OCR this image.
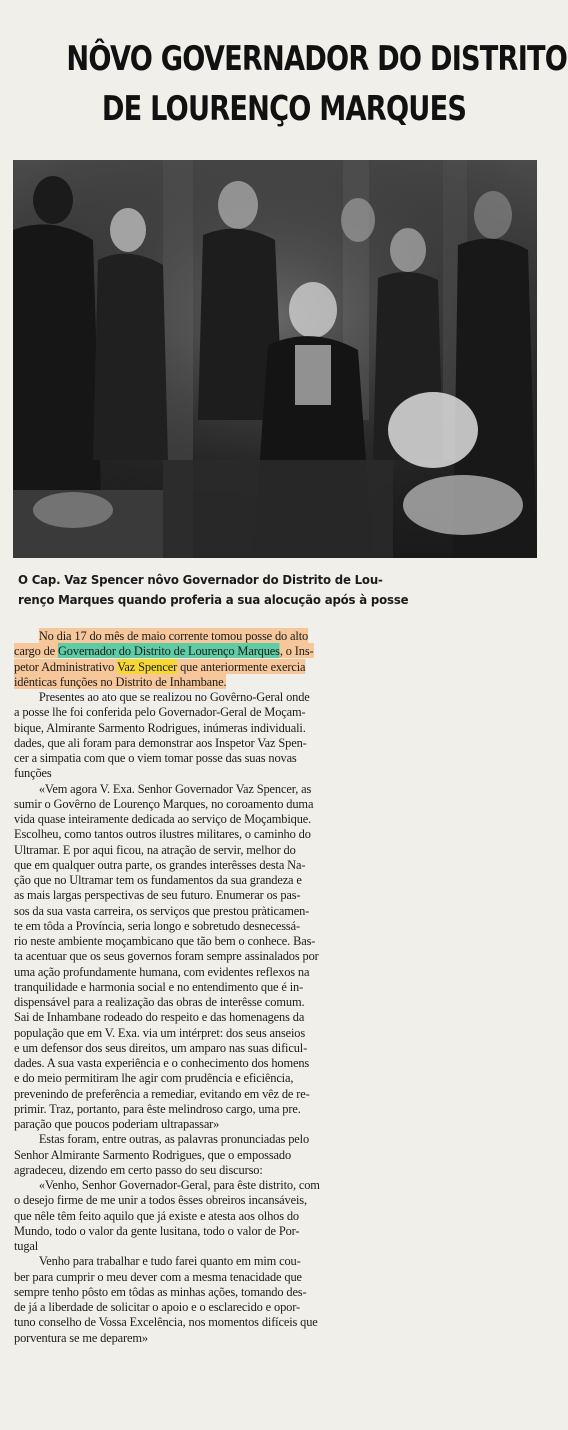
NÔVO GOVERNADOR DO DISTRITO
DE LOURENÇO MARQUES
O Cap. Vaz Spencer nôvo Governador do Distrito de Lou-
renço Marques quando proferia a sua alocução após à posse
No dia 17 do mês de maio corrente tomou posse do alto
cargo de Governador do Distrito de Lourenço Marques, o Ins-
petor Administrativo Vaz Spencer que anteriormente exercia
idênticas funções no Distrito de Inhambane.
Presentes ao ato que se realizou no Govêrno-Geral onde
a posse lhe foi conferida pelo Governador-Geral de Moçam-
bique, Almirante Sarmento Rodrigues, inúmeras individuali.
dades, que ali foram para demonstrar aos Inspetor Vaz Spen-
cer a simpatia com que o viem tomar posse das suas novas
funções
«Vem agora V. Exa. Senhor Governador Vaz Spencer, as
sumir o Govêrno de Lourenço Marques, no coroamento duma
vida quase inteiramente dedicada ao serviço de Moçambique.
Escolheu, como tantos outros ilustres militares, o caminho do
Ultramar. E por aqui ficou, na atração de servir, melhor do
que em qualquer outra parte, os grandes interêsses desta Na-
ção que no Ultramar tem os fundamentos da sua grandeza e
as mais largas perspectivas de seu futuro. Enumerar os pas-
sos da sua vasta carreira, os serviços que prestou pràticamen-
te em tôda a Província, seria longo e sobretudo desnecessá-
rio neste ambiente moçambicano que tão bem o conhece. Bas-
ta acentuar que os seus governos foram sempre assinalados por
uma ação profundamente humana, com evidentes reflexos na
tranquilidade e harmonia social e no entendimento que é in-
dispensável para a realização das obras de interêsse comum.
Sai de Inhambane rodeado do respeito e das homenagens da
população que em V. Exa. via um intérpret: dos seus anseios
e um defensor dos seus direitos, um amparo nas suas dificul-
dades. A sua vasta experiência e o conhecimento dos homens
e do meio permitiram lhe agir com prudência e eficiência,
prevenindo de preferência a remediar, evitando em vêz de re-
primir. Traz, portanto, para êste melindroso cargo, uma pre.
paração que poucos poderiam ultrapassar»
Estas foram, entre outras, as palavras pronunciadas pelo
Senhor Almirante Sarmento Rodrigues, que o empossado
agradeceu, dizendo em certo passo do seu discurso:
«Venho, Senhor Governador-Geral, para êste distrito, com
o desejo firme de me unir a todos êsses obreiros incansáveis,
que nêle têm feito aquilo que já existe e atesta aos olhos do
Mundo, todo o valor da gente lusitana, todo o valor de Por-
tugal
Venho para trabalhar e tudo farei quanto em mim cou-
ber para cumprir o meu dever com a mesma tenacidade que
sempre tenho pôsto em tôdas as minhas ações, tomando des-
de já a liberdade de solicitar o apoio e o esclarecido e opor-
tuno conselho de Vossa Excelência, nos momentos difíceis que
porventura se me deparem»
